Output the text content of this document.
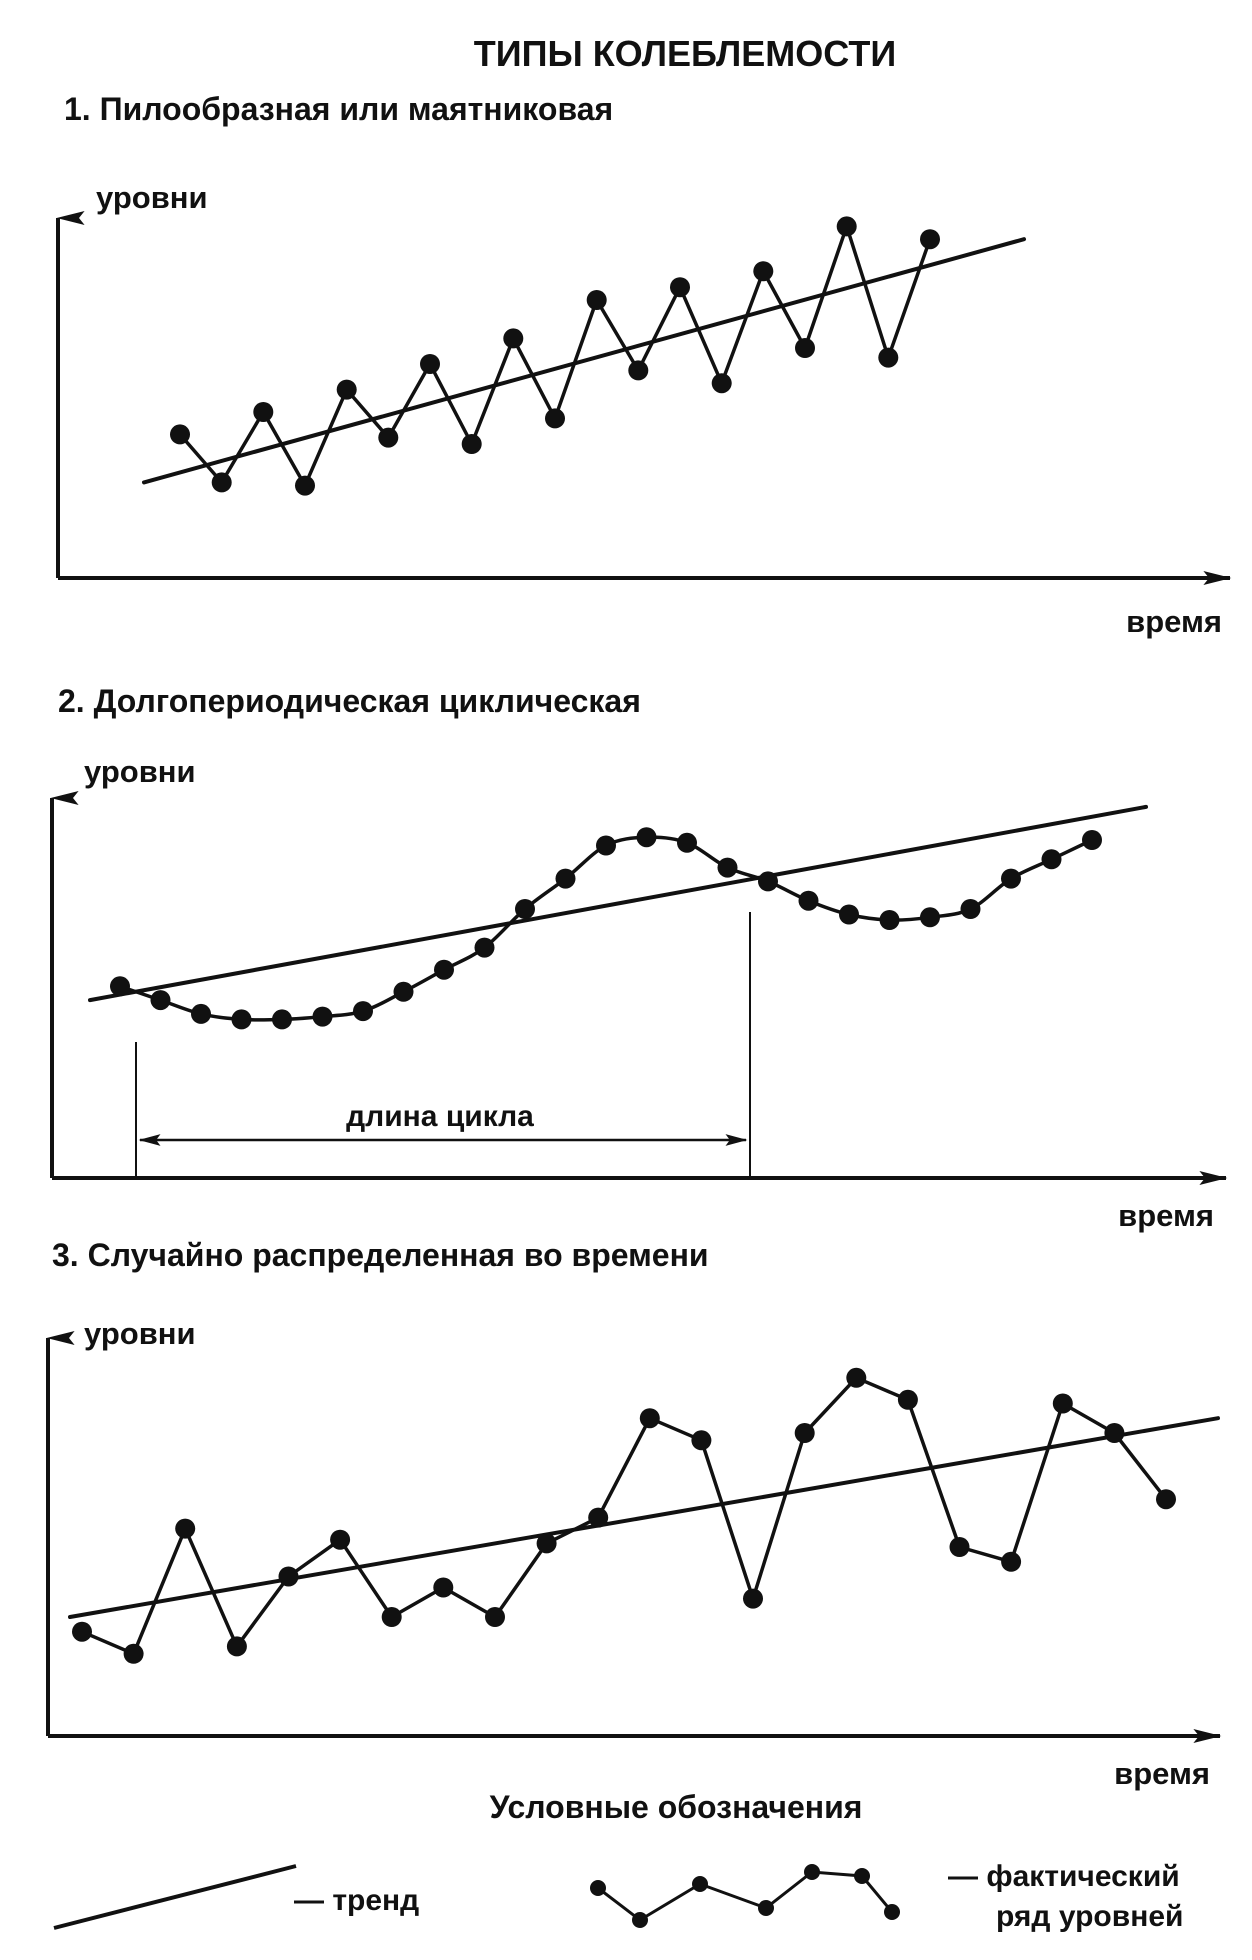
ТИПЫ КОЛЕБЛЕМОСТИ
1. Пилообразная или маятниковая
уровни
время
2. Долгопериодическая циклическая
уровни
время
длина цикла
3. Случайно распределенная во времени
уровни
время
Условные обозначения
— тренд
— фактический
ряд уровней
